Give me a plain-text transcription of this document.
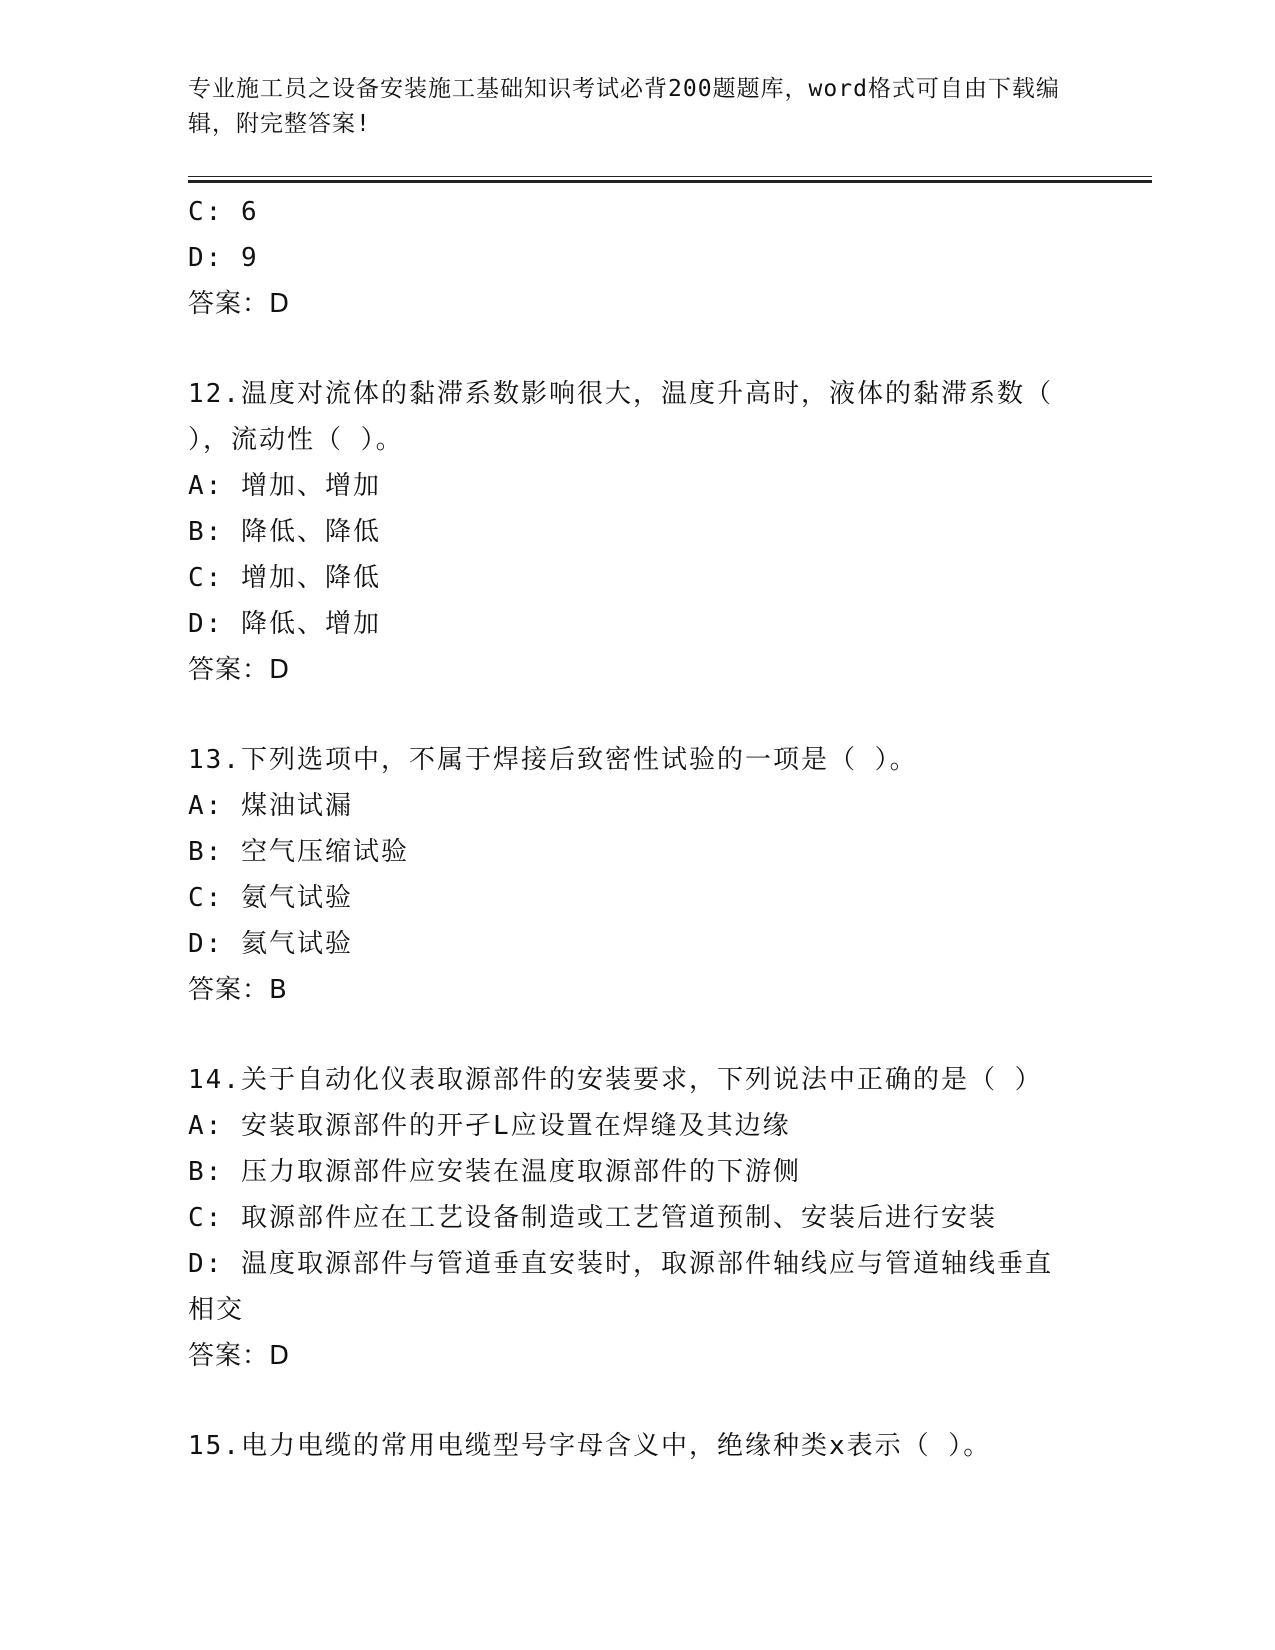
专业施工员之设备安装施工基础知识考试必背200题题库，word格式可自由下载编辑，附完整答案!
C: 6
D: 9
答案：D
12.温度对流体的黏滞系数影响很大，温度升高时，液体的黏滞系数（
），流动性（ ）。
A: 增加、增加
B: 降低、降低
C: 增加、降低
D: 降低、增加
答案：D
13.下列选项中，不属于焊接后致密性试验的一项是（ ）。
A: 煤油试漏
B: 空气压缩试验
C: 氨气试验
D: 氦气试验
答案：B
14.关于自动化仪表取源部件的安装要求，下列说法中正确的是（ ）
A: 安装取源部件的开孑L应设置在焊缝及其边缘
B: 压力取源部件应安装在温度取源部件的下游侧
C: 取源部件应在工艺设备制造或工艺管道预制、安装后进行安装
D: 温度取源部件与管道垂直安装时，取源部件轴线应与管道轴线垂直
相交
答案：D
15.电力电缆的常用电缆型号字母含义中，绝缘种类x表示（ ）。
